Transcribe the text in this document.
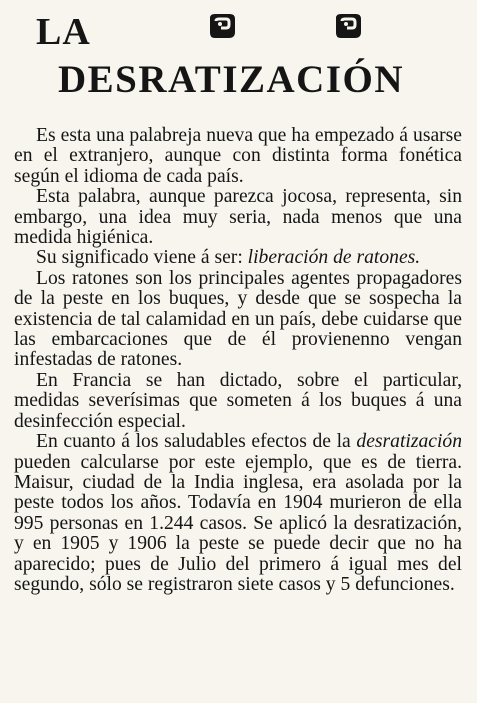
LA
DESRATIZACIÓN

Es esta una palabreja nueva que ha empezado á usarse en el extranjero, aunque con distinta forma fonética según el idioma de cada país.

Esta palabra, aunque parezca jocosa, representa, sin embargo, una idea muy seria, nada menos que una medida higiénica.

Su significado viene á ser: liberación de ratones.

Los ratones son los principales agentes propagadores de la peste en los buques, y desde que se sospecha la existencia de tal calamidad en un país, debe cuidarse que las embarcaciones que de él provienenno vengan infestadas de ratones.

En Francia se han dictado, sobre el particular, medidas severísimas que someten á los buques á una desinfección especial.

En cuanto á los saludables efectos de la desratización pueden calcularse por este ejemplo, que es de tierra. Maisur, ciudad de la India inglesa, era asolada por la peste todos los años. Todavía en 1904 murieron de ella 995 personas en 1.244 casos. Se aplicó la desratización, y en 1905 y 1906 la peste se puede decir que no ha aparecido; pues de Julio del primero á igual mes del segundo, sólo se registraron siete casos y 5 defunciones.
